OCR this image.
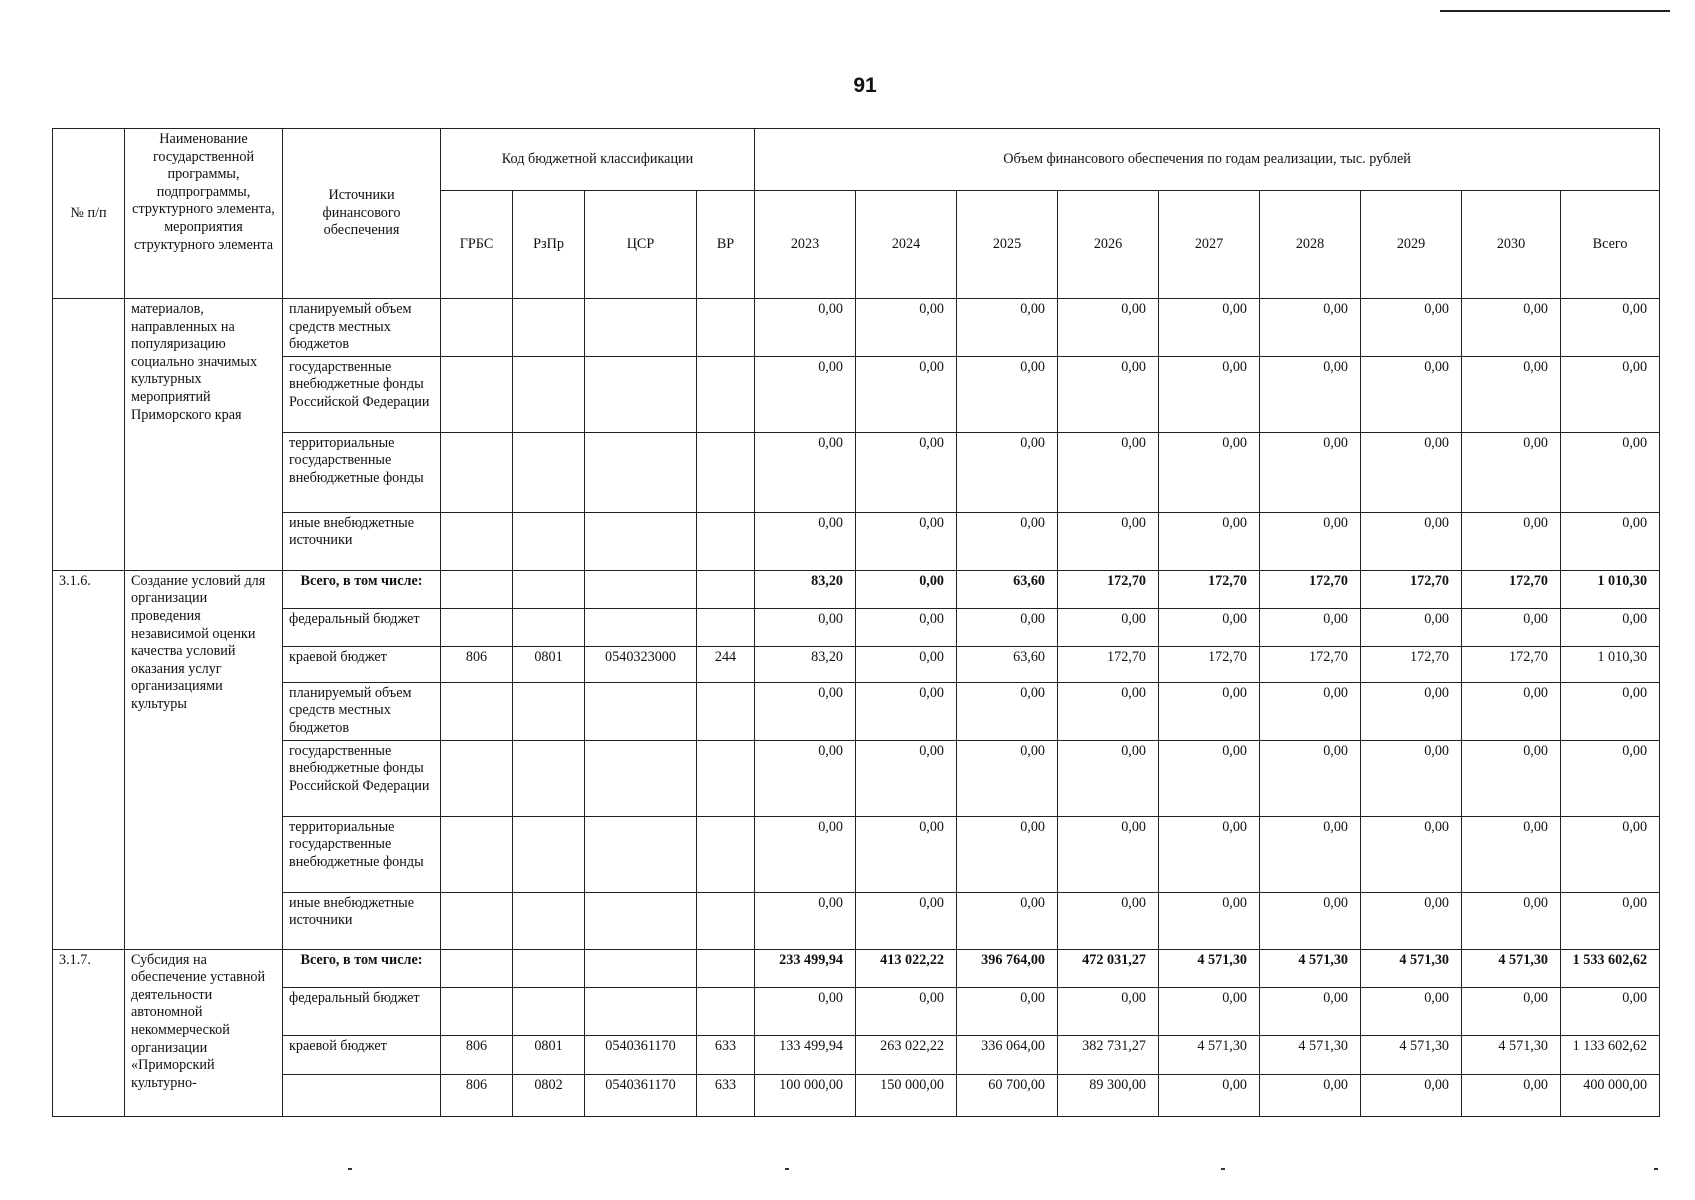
91
№ п/п	Наименование государственной программы, подпрограммы, структурного элемента, мероприятия структурного элемента	Источники финансового обеспечения	Код бюджетной классификации				Объем финансового обеспечения по годам реализации, тыс. рублей								
			ГРБС	РзПр	ЦСР	ВР	2023	2024	2025	2026	2027	2028	2029	2030	Всего
	материалов, направленных на популяризацию социально значимых культурных мероприятий Приморского края	планируемый объем средств местных бюджетов					0,00	0,00	0,00	0,00	0,00	0,00	0,00	0,00	0,00
		государственные внебюджетные фонды Российской Федерации					0,00	0,00	0,00	0,00	0,00	0,00	0,00	0,00	0,00
		территориальные государственные внебюджетные фонды					0,00	0,00	0,00	0,00	0,00	0,00	0,00	0,00	0,00
		иные внебюджетные источники					0,00	0,00	0,00	0,00	0,00	0,00	0,00	0,00	0,00
3.1.6.	Создание условий для организации проведения независимой оценки качества условий оказания услуг организациями культуры	Всего, в том числе:					83,20	0,00	63,60	172,70	172,70	172,70	172,70	172,70	1 010,30
		федеральный бюджет					0,00	0,00	0,00	0,00	0,00	0,00	0,00	0,00	0,00
		краевой бюджет	806	0801	0540323000	244	83,20	0,00	63,60	172,70	172,70	172,70	172,70	172,70	1 010,30
		планируемый объем средств местных бюджетов					0,00	0,00	0,00	0,00	0,00	0,00	0,00	0,00	0,00
		государственные внебюджетные фонды Российской Федерации					0,00	0,00	0,00	0,00	0,00	0,00	0,00	0,00	0,00
		территориальные государственные внебюджетные фонды					0,00	0,00	0,00	0,00	0,00	0,00	0,00	0,00	0,00
		иные внебюджетные источники					0,00	0,00	0,00	0,00	0,00	0,00	0,00	0,00	0,00
3.1.7.	Субсидия на обеспечение уставной деятельности автономной некоммерческой организации «Приморский культурно-	Всего, в том числе:					233 499,94	413 022,22	396 764,00	472 031,27	4 571,30	4 571,30	4 571,30	4 571,30	1 533 602,62
		федеральный бюджет					0,00	0,00	0,00	0,00	0,00	0,00	0,00	0,00	0,00
		краевой бюджет	806	0801	0540361170	633	133 499,94	263 022,22	336 064,00	382 731,27	4 571,30	4 571,30	4 571,30	4 571,30	1 133 602,62
			806	0802	0540361170	633	100 000,00	150 000,00	60 700,00	89 300,00	0,00	0,00	0,00	0,00	400 000,00
